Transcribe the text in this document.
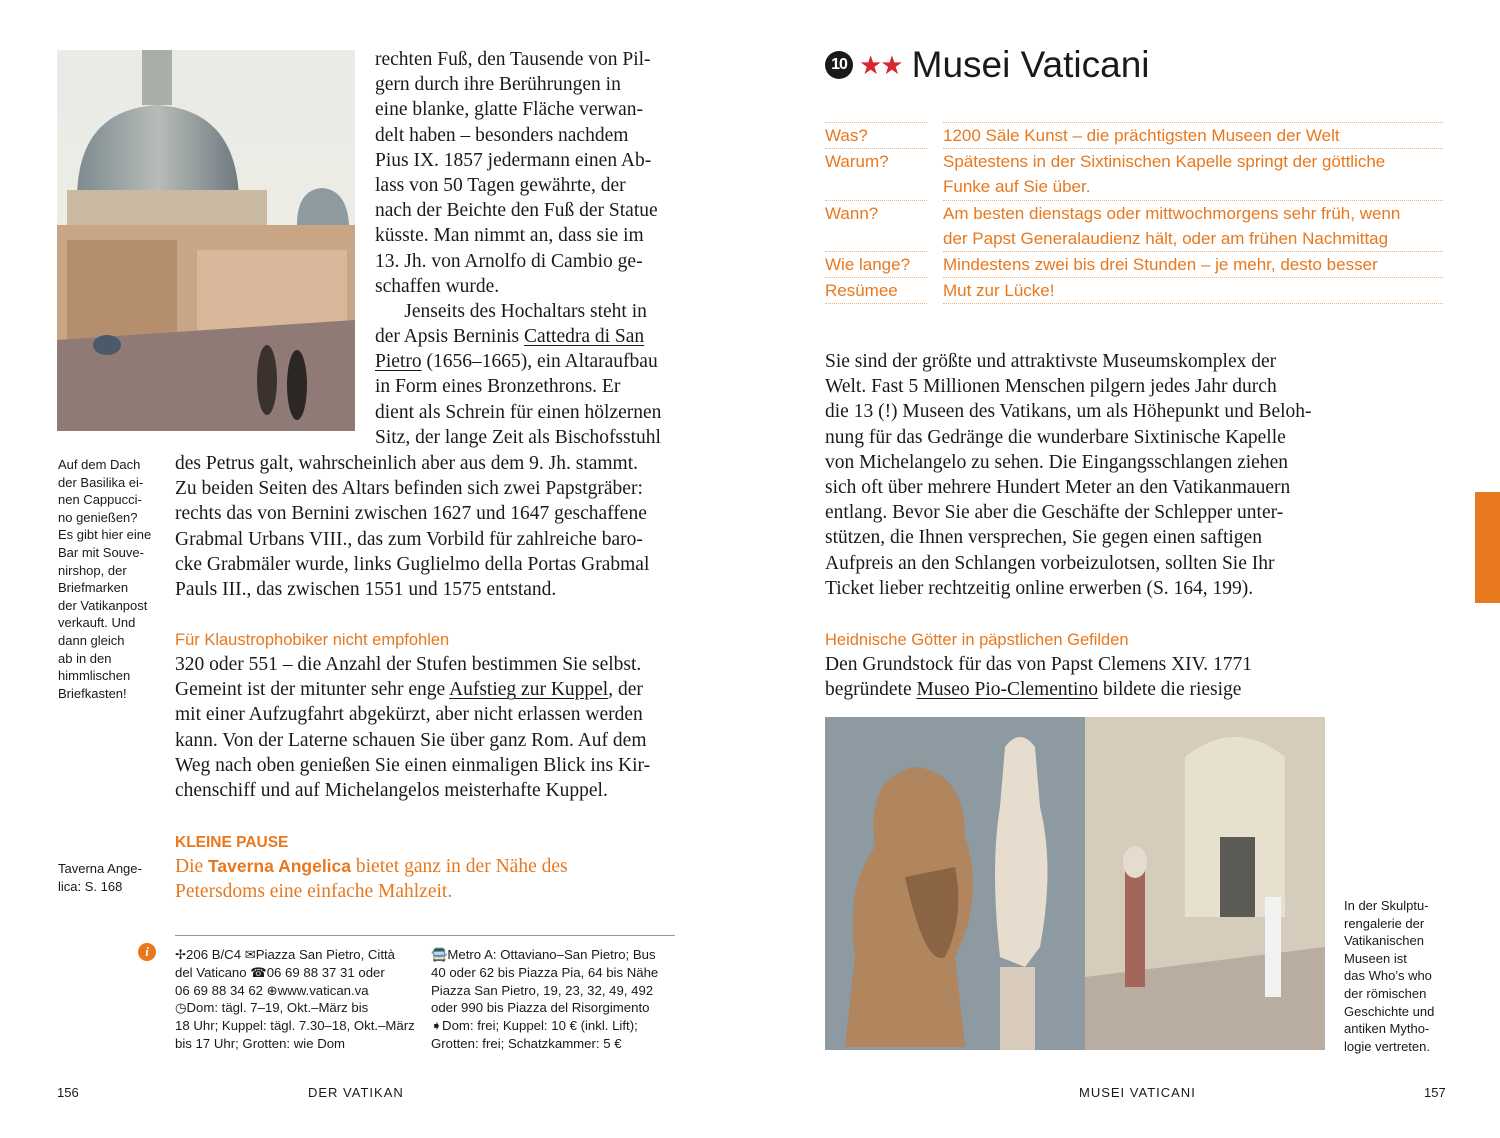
Auf dem Dach
der Basilika ei-
nen Cappucci-
no genießen?
Es gibt hier eine
Bar mit Souve-
nirshop, der
Briefmarken
der Vatikanpost
verkauft. Und
dann gleich
ab in den
himmlischen
Briefkasten!
rechten Fuß, den Tausende von Pil-
gern durch ihre Berührungen in
eine blanke, glatte Fläche verwan-
delt haben – besonders nachdem
Pius IX. 1857 jedermann einen Ab-
lass von 50 Tagen gewährte, der
nach der Beichte den Fuß der Statue
küsste. Man nimmt an, dass sie im
13. Jh. von Arnolfo di Cambio ge-
schaffen wurde.
Jenseits des Hochaltars steht in
der Apsis Berninis Cattedra di San
Pietro (1656–1665), ein Altaraufbau
in Form eines Bronzethrons. Er
dient als Schrein für einen hölzernen
Sitz, der lange Zeit als Bischofsstuhl
des Petrus galt, wahrscheinlich aber aus dem 9. Jh. stammt.
Zu beiden Seiten des Altars befinden sich zwei Papstgräber:
rechts das von Bernini zwischen 1627 und 1647 geschaffene
Grabmal Urbans VIII., das zum Vorbild für zahlreiche baro-
cke Grabmäler wurde, links Guglielmo della Portas Grabmal
Pauls III., das zwischen 1551 und 1575 entstand.
Für Klaustrophobiker nicht empfohlen
320 oder 551 – die Anzahl der Stufen bestimmen Sie selbst.
Gemeint ist der mitunter sehr enge Aufstieg zur Kuppel, der
mit einer Aufzugfahrt abgekürzt, aber nicht erlassen werden
kann. Von der Laterne schauen Sie über ganz Rom. Auf dem
Weg nach oben genießen Sie einen einmaligen Blick ins Kir-
chenschiff und auf Michelangelos meisterhafte Kuppel.
KLEINE PAUSE
Die Taverna Angelica bietet ganz in der Nähe des
Petersdoms eine einfache Mahlzeit.
Taverna Ange-
lica: S. 168
i ✢206 B/C4 ✉Piazza San Pietro, Città
del Vaticano ☎06 69 88 37 31 oder
06 69 88 34 62 ⊕www.vatican.va
◷Dom: tägl. 7–19, Okt.–März bis
18 Uhr; Kuppel: tägl. 7.30–18, Okt.–März
bis 17 Uhr; Grotten: wie Dom
🚍Metro A: Ottaviano–San Pietro; Bus
40 oder 62 bis Piazza Pia, 64 bis Nähe
Piazza San Pietro, 19, 23, 32, 49, 492
oder 990 bis Piazza del Risorgimento
➧Dom: frei; Kuppel: 10 € (inkl. Lift);
Grotten: frei; Schatzkammer: 5 €
156	DER VATIKAN
10 ★★ Musei Vaticani
Was?		1200 Säle Kunst – die prächtigsten Museen der Welt

Warum?		Spätestens in der Sixtinischen Kapelle springt der göttliche
Funke auf Sie über.

Wann?		Am besten dienstags oder mittwochmorgens sehr früh, wenn
der Papst Generalaudienz hält, oder am frühen Nachmittag

Wie lange?		Mindestens zwei bis drei Stunden – je mehr, desto besser

Resümee		Mut zur Lücke!
Sie sind der größte und attraktivste Museumskomplex der
Welt. Fast 5 Millionen Menschen pilgern jedes Jahr durch
die 13 (!) Museen des Vatikans, um als Höhepunkt und Beloh-
nung für das Gedränge die wunderbare Sixtinische Kapelle
von Michelangelo zu sehen. Die Eingangsschlangen ziehen
sich oft über mehrere Hundert Meter an den Vatikanmauern
entlang. Bevor Sie aber die Geschäfte der Schlepper unter-
stützen, die Ihnen versprechen, Sie gegen einen saftigen
Aufpreis an den Schlangen vorbeizulotsen, sollten Sie Ihr
Ticket lieber rechtzeitig online erwerben (S. 164, 199).
Heidnische Götter in päpstlichen Gefilden
Den Grundstock für das von Papst Clemens XIV. 1771
begründete Museo Pio-Clementino bildete die riesige
In der Skulptu-
rengalerie der
Vatikanischen
Museen ist
das Who’s who
der römischen
Geschichte und
antiken Mytho-
logie vertreten.
MUSEI VATICANI	157
